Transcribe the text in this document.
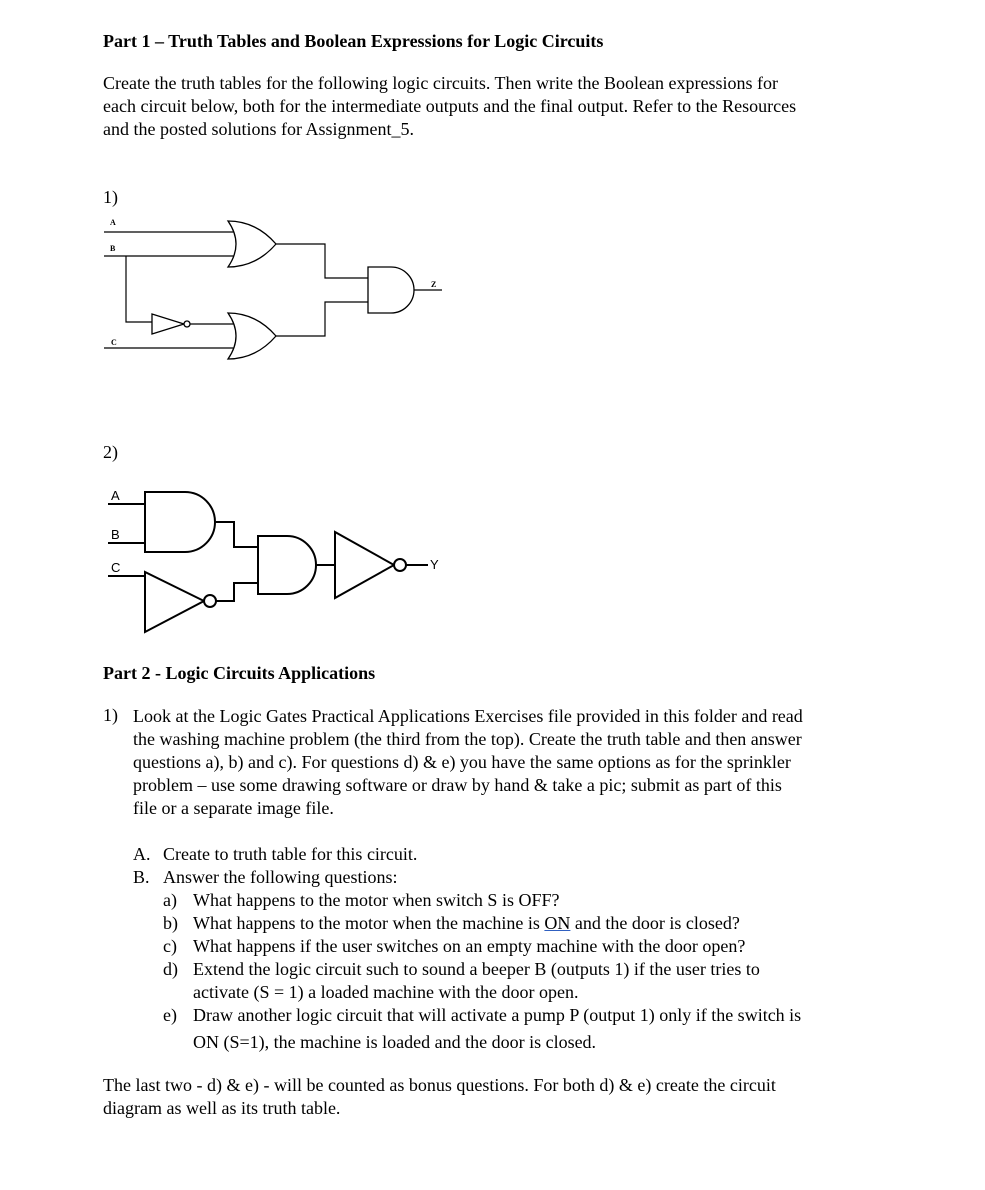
Part 1 – Truth Tables and Boolean Expressions for Logic Circuits
Create the truth tables for the following logic circuits. Then write the Boolean expressions for
each circuit below, both for the intermediate outputs and the final output. Refer to the Resources
and the posted solutions for Assignment_5.
1)
A
B
C
Z
2)
A
B
C	Y
Part 2 - Logic Circuits Applications
1) Look at the Logic Gates Practical Applications Exercises file provided in this folder and read
the washing machine problem (the third from the top). Create the truth table and then answer
questions a), b) and c). For questions d) & e) you have the same options as for the sprinkler
problem – use some drawing software or draw by hand & take a pic; submit as part of this
file or a separate image file.
A. Create to truth table for this circuit.
B. Answer the following questions:
a) What happens to the motor when switch S is OFF?
b) What happens to the motor when the machine is ON and the door is closed?
c) What happens if the user switches on an empty machine with the door open?
d) Extend the logic circuit such to sound a beeper B (outputs 1) if the user tries to
activate (S = 1) a loaded machine with the door open.
e) Draw another logic circuit that will activate a pump P (output 1) only if the switch is
ON (S=1), the machine is loaded and the door is closed.
The last two - d) & e) - will be counted as bonus questions. For both d) & e) create the circuit
diagram as well as its truth table.
